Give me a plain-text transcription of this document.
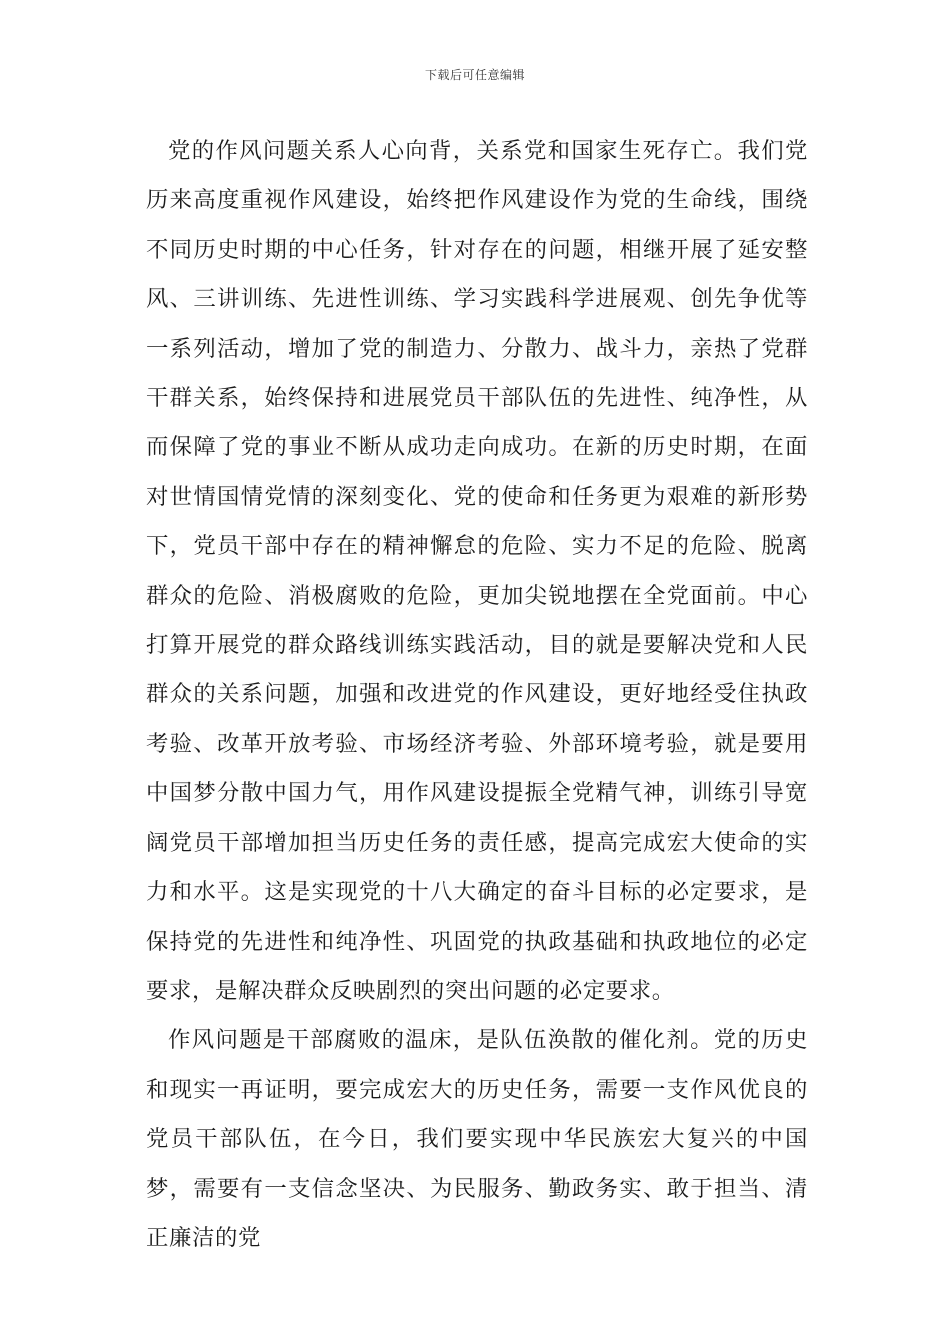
下载后可任意编辑

党的作风问题关系人心向背，关系党和国家生死存亡。我们党历来高度重视作风建设，始终把作风建设作为党的生命线，围绕不同历史时期的中心任务，针对存在的问题，相继开展了延安整风、三讲训练、先进性训练、学习实践科学进展观、创先争优等一系列活动，增加了党的制造力、分散力、战斗力，亲热了党群干群关系，始终保持和进展党员干部队伍的先进性、纯净性，从而保障了党的事业不断从成功走向成功。在新的历史时期，在面对世情国情党情的深刻变化、党的使命和任务更为艰难的新形势下，党员干部中存在的精神懈怠的危险、实力不足的危险、脱离群众的危险、消极腐败的危险，更加尖锐地摆在全党面前。中心打算开展党的群众路线训练实践活动，目的就是要解决党和人民群众的关系问题，加强和改进党的作风建设，更好地经受住执政考验、改革开放考验、市场经济考验、外部环境考验，就是要用中国梦分散中国力气，用作风建设提振全党精气神，训练引导宽阔党员干部增加担当历史任务的责任感，提高完成宏大使命的实力和水平。这是实现党的十八大确定的奋斗目标的必定要求，是保持党的先进性和纯净性、巩固党的执政基础和执政地位的必定要求，是解决群众反映剧烈的突出问题的必定要求。

作风问题是干部腐败的温床，是队伍涣散的催化剂。党的历史和现实一再证明，要完成宏大的历史任务，需要一支作风优良的党员干部队伍，在今日，我们要实现中华民族宏大复兴的中国梦，需要有一支信念坚决、为民服务、勤政务实、敢于担当、清正廉洁的党
